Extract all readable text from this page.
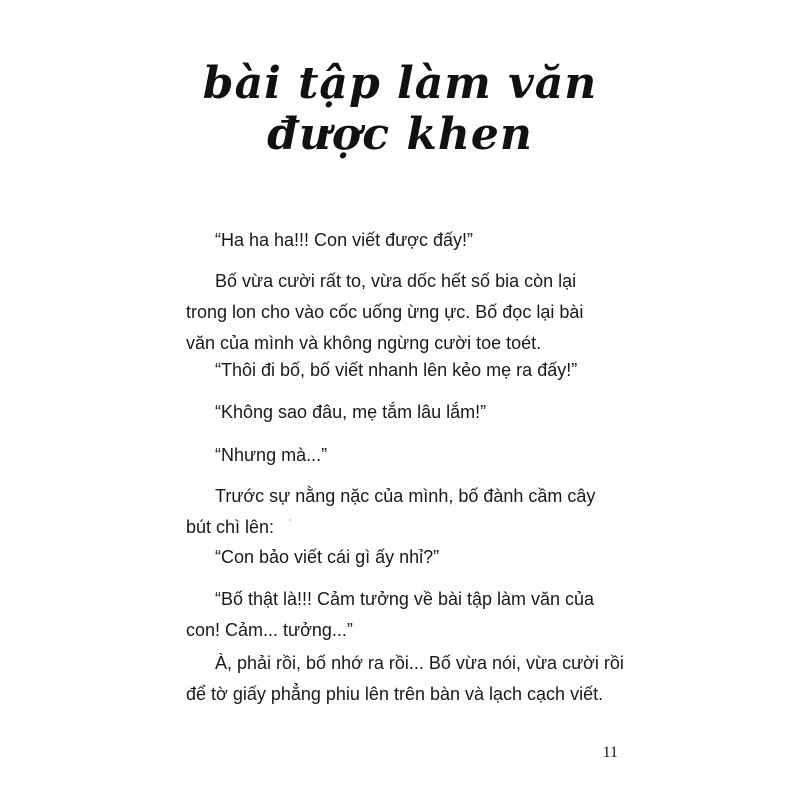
bài tập làm văn
được khen

“Ha ha ha!!! Con viết được đấy!”

Bố vừa cười rất to, vừa dốc hết số bia còn lại
trong lon cho vào cốc uống ừng ực. Bố đọc lại bài
văn của mình và không ngừng cười toe toét.

“Thôi đi bố, bố viết nhanh lên kẻo mẹ ra đấy!”

“Không sao đâu, mẹ tắm lâu lắm!”

“Nhưng mà...”

Trước sự nằng nặc của mình, bố đành cầm cây
bút chì lên:

“Con bảo viết cái gì ấy nhỉ?”

“Bố thật là!!! Cảm tưởng về bài tập làm văn của
con! Cảm... tưởng...”

À, phải rồi, bố nhớ ra rồi... Bố vừa nói, vừa cười rồi
để tờ giấy phẳng phiu lên trên bàn và lạch cạch viết.

11
